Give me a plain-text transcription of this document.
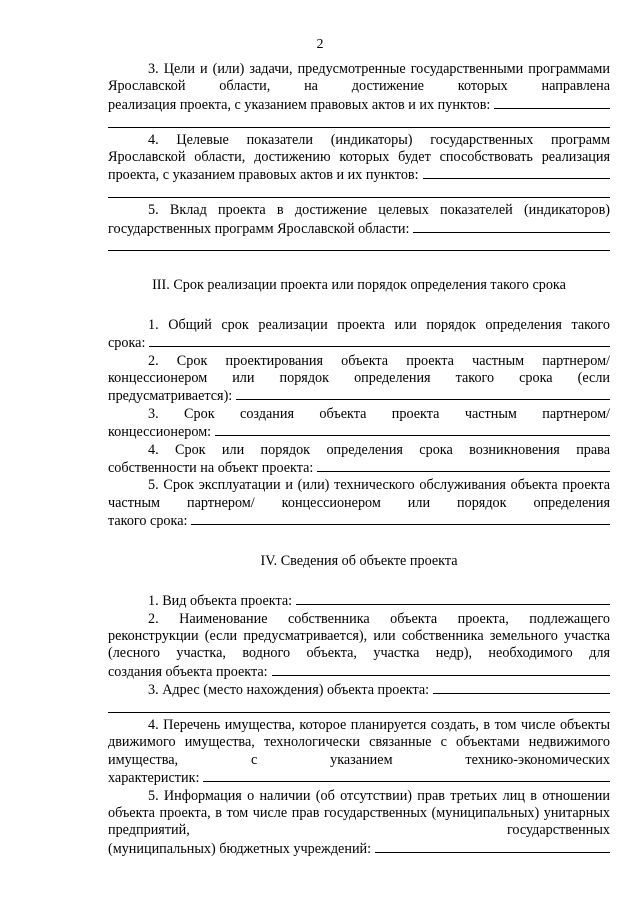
2

3. Цели и (или) задачи, предусмотренные государственными программами Ярославской области, на достижение которых направлена

реализация проекта, с указанием правовых актов и их пунктов:

4. Целевые показатели (индикаторы) государственных программ Ярославской области, достижению которых будет способствовать реализация

проекта, с указанием правовых актов и их пунктов:

5. Вклад проекта в достижение целевых показателей (индикаторов)

государственных программ Ярославской области:

III. Срок реализации проекта или порядок определения такого срока

1. Общий срок реализации проекта или порядок определения такого

срока:

2. Срок проектирования объекта проекта частным партнером/ концессионером или порядок определения такого срока (если

предусматривается):

3. Срок создания объекта проекта частным партнером/

концессионером:

4. Срок или порядок определения срока возникновения права

собственности на объект проекта:

5. Срок эксплуатации и (или) технического обслуживания объекта проекта частным партнером/ концессионером или порядок определения

такого срока:

IV. Сведения об объекте проекта

1. Вид объекта проекта:

2. Наименование собственника объекта проекта, подлежащего реконструкции (если предусматривается), или собственника земельного участка (лесного участка, водного объекта, участка недр), необходимого для

создания объекта проекта:
3. Адрес (место нахождения) объекта проекта:

4. Перечень имущества, которое планируется создать, в том числе объекты движимого имущества, технологически связанные с объектами недвижимого имущества, с указанием технико-экономических

характеристик:

5. Информация о наличии (об отсутствии) прав третьих лиц в отношении объекта проекта, в том числе прав государственных (муниципальных) унитарных предприятий, государственных

(муниципальных) бюджетных учреждений:
